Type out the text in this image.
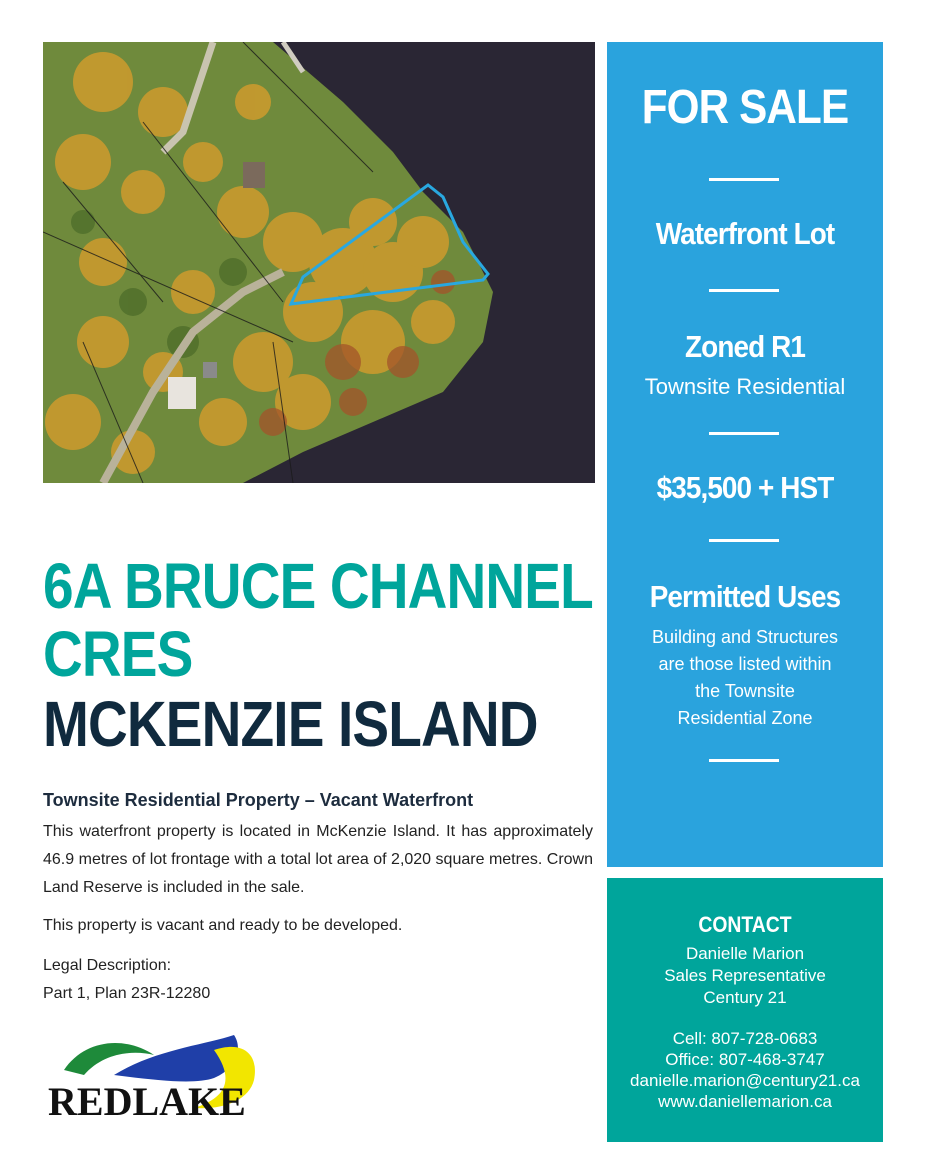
FOR SALE
Waterfront Lot
Zoned R1
Townsite Residential
$35,500 + HST
Permitted Uses
Building and Structures
are those listed within
the Townsite
Residential Zone
6A BRUCE CHANNEL
CRES
MCKENZIE ISLAND
Townsite Residential Property – Vacant Waterfront
This waterfront property is located in McKenzie Island. It has approximately 46.9 metres of lot frontage with a total lot area of 2,020 square metres. Crown Land Reserve is included in the sale.
This property is vacant and ready to be developed.
Legal Description:
Part 1, Plan 23R-12280
REDLAKE
CONTACT
Danielle Marion
Sales Representative
Century 21
Cell: 807-728-0683
Office: 807-468-3747
danielle.marion@century21.ca
www.daniellemarion.ca
